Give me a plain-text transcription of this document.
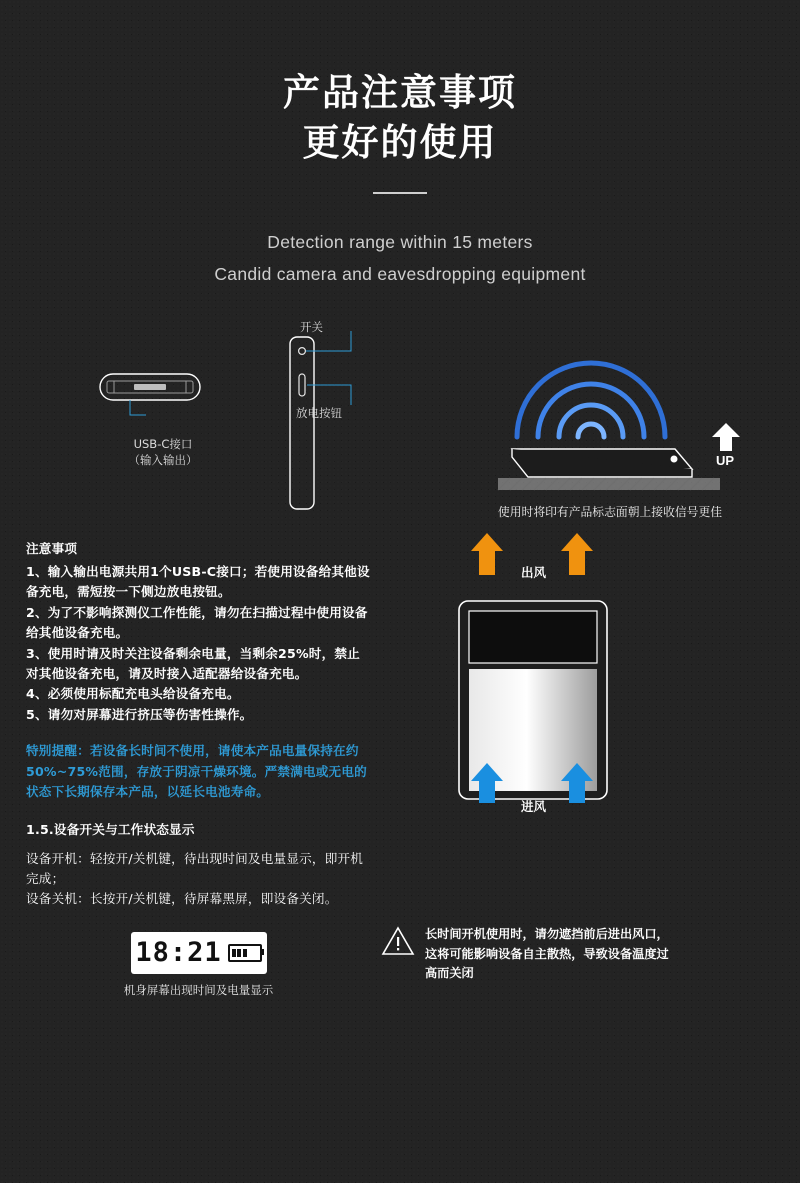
产品注意事项
更好的使用
Detection range within 15 meters
Candid camera and eavesdropping equipment
USB-C接口
（输入输出）
开关
放电按钮
UP
使用时将印有产品标志面朝上接收信号更佳
注意事项
1、输入输出电源共用1个USB-C接口；若使用设备给其他设备充电，需短按一下侧边放电按钮。
2、为了不影响探测仪工作性能，请勿在扫描过程中使用设备给其他设备充电。
3、使用时请及时关注设备剩余电量，当剩余25%时，禁止对其他设备充电，请及时接入适配器给设备充电。
4、必须使用标配充电头给设备充电。
5、请勿对屏幕进行挤压等伤害性操作。
特别提醒：若设备长时间不使用，请使本产品电量保持在约50%~75%范围，存放于阴凉干燥环境。严禁满电或无电的状态下长期保存本产品，以延长电池寿命。
1.5.设备开关与工作状态显示
设备开机：轻按开/关机键，待出现时间及电量显示，即开机完成；
设备关机：长按开/关机键，待屏幕黑屏，即设备关闭。
18:21
机身屏幕出现时间及电量显示
出风
进风
长时间开机使用时，请勿遮挡前后进出风口，这将可能影响设备自主散热，导致设备温度过高而关闭
